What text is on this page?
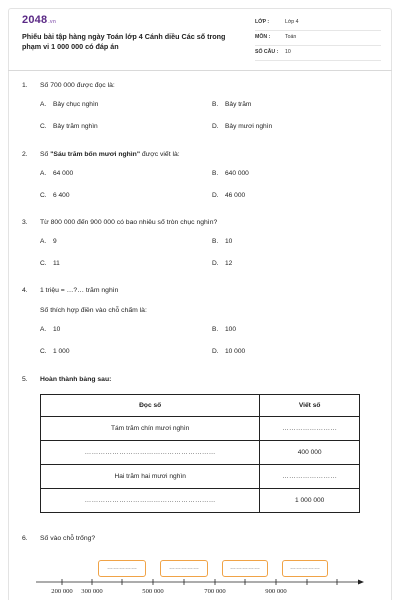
2048.vn
Phiếu bài tập hàng ngày Toán lớp 4 Cánh diều Các số trong phạm vi 1 000 000 có đáp án
LỚP :	Lớp 4
MÔN :	Toán
SỐ CÂU : 10
1.	Số 700 000 được đọc là:
A. Bảy chục nghìn	B. Bảy trăm
C. Bảy trăm nghìn	D. Bảy mươi nghìn
2.	Số "Sáu trăm bốn mươi nghìn" được viết là:
A. 64 000	B. 640 000
C. 6 400	D. 46 000
3.	Từ 800 000 đến 900 000 có bao nhiêu số tròn chục nghìn?
A. 9	B. 10
C. 11	D. 12
4.	1 triệu = …?… trăm nghìn
Số thích hợp điền vào chỗ chấm là:
A. 10	B. 100
C. 1 000	D. 10 000
5.	Hoàn thành bảng sau:
Đọc số	Viết số
Tám trăm chín mươi nghìn	……………………
…………………………………………………	400 000
Hai trăm hai mươi nghìn	……………………
…………………………………………………	1 000 000
6.	Số vào chỗ trống?
……………	……………	……………	……………
200 000 300 000	500 000	700 000	900 000
